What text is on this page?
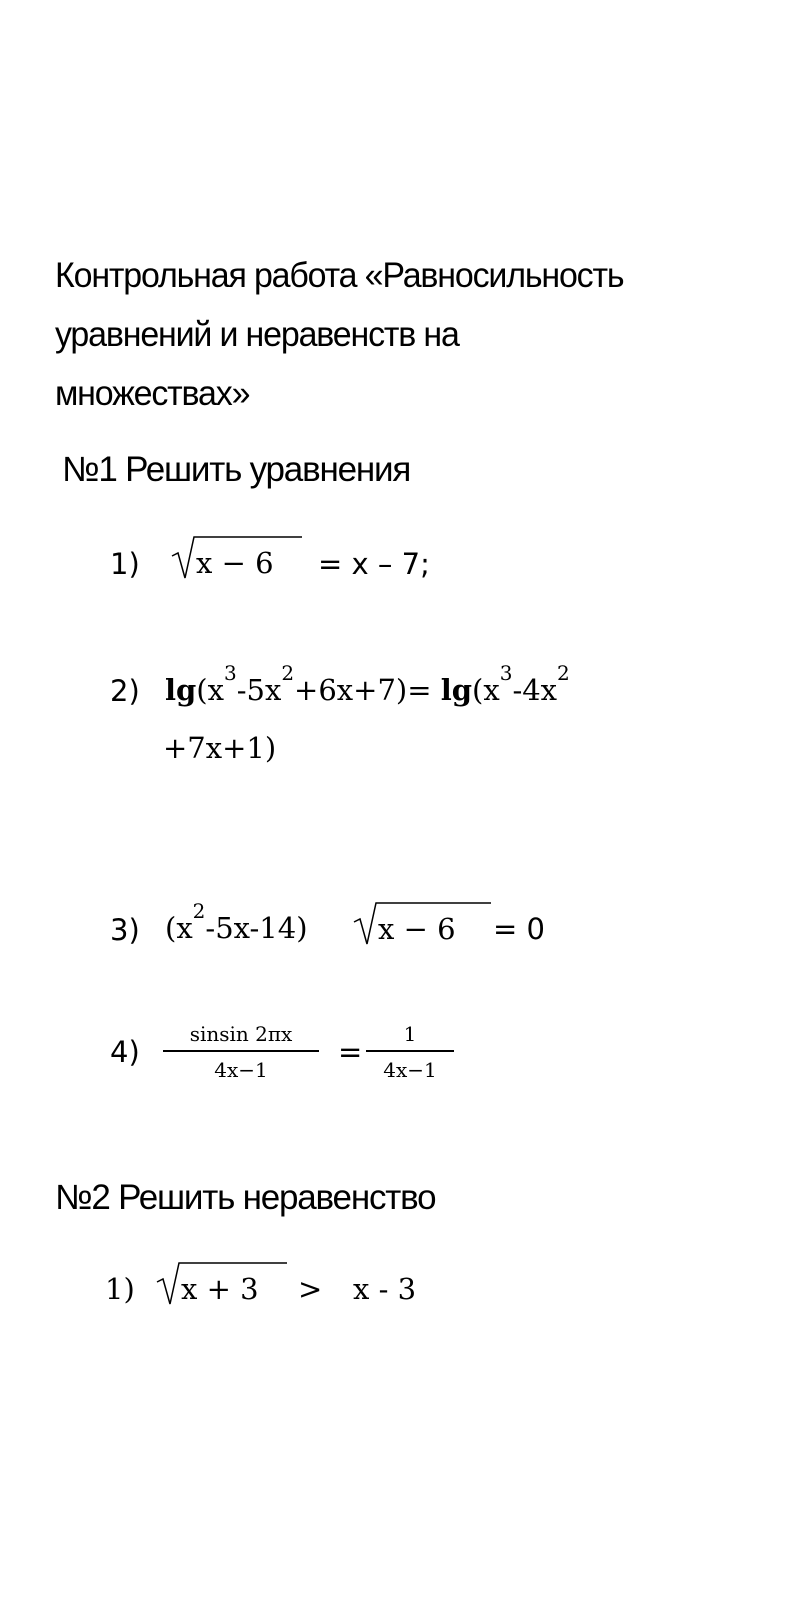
Контрольная работа «Равносильность
уравнений и неравенств на
множествах»
№1 Решить уравнения
1) x − 6 = x – 7;
2) $\lg(x^3-5x^2+6x+7)= \lg(x^3-4x^2$
+7x+1)
3) $(x^2-5x-14) x - 6 = 0$
4)
sinsin 2πx
4x−1
=
1
4x−1
№2 Решить неравенство
1) x + 3 > x - 3
